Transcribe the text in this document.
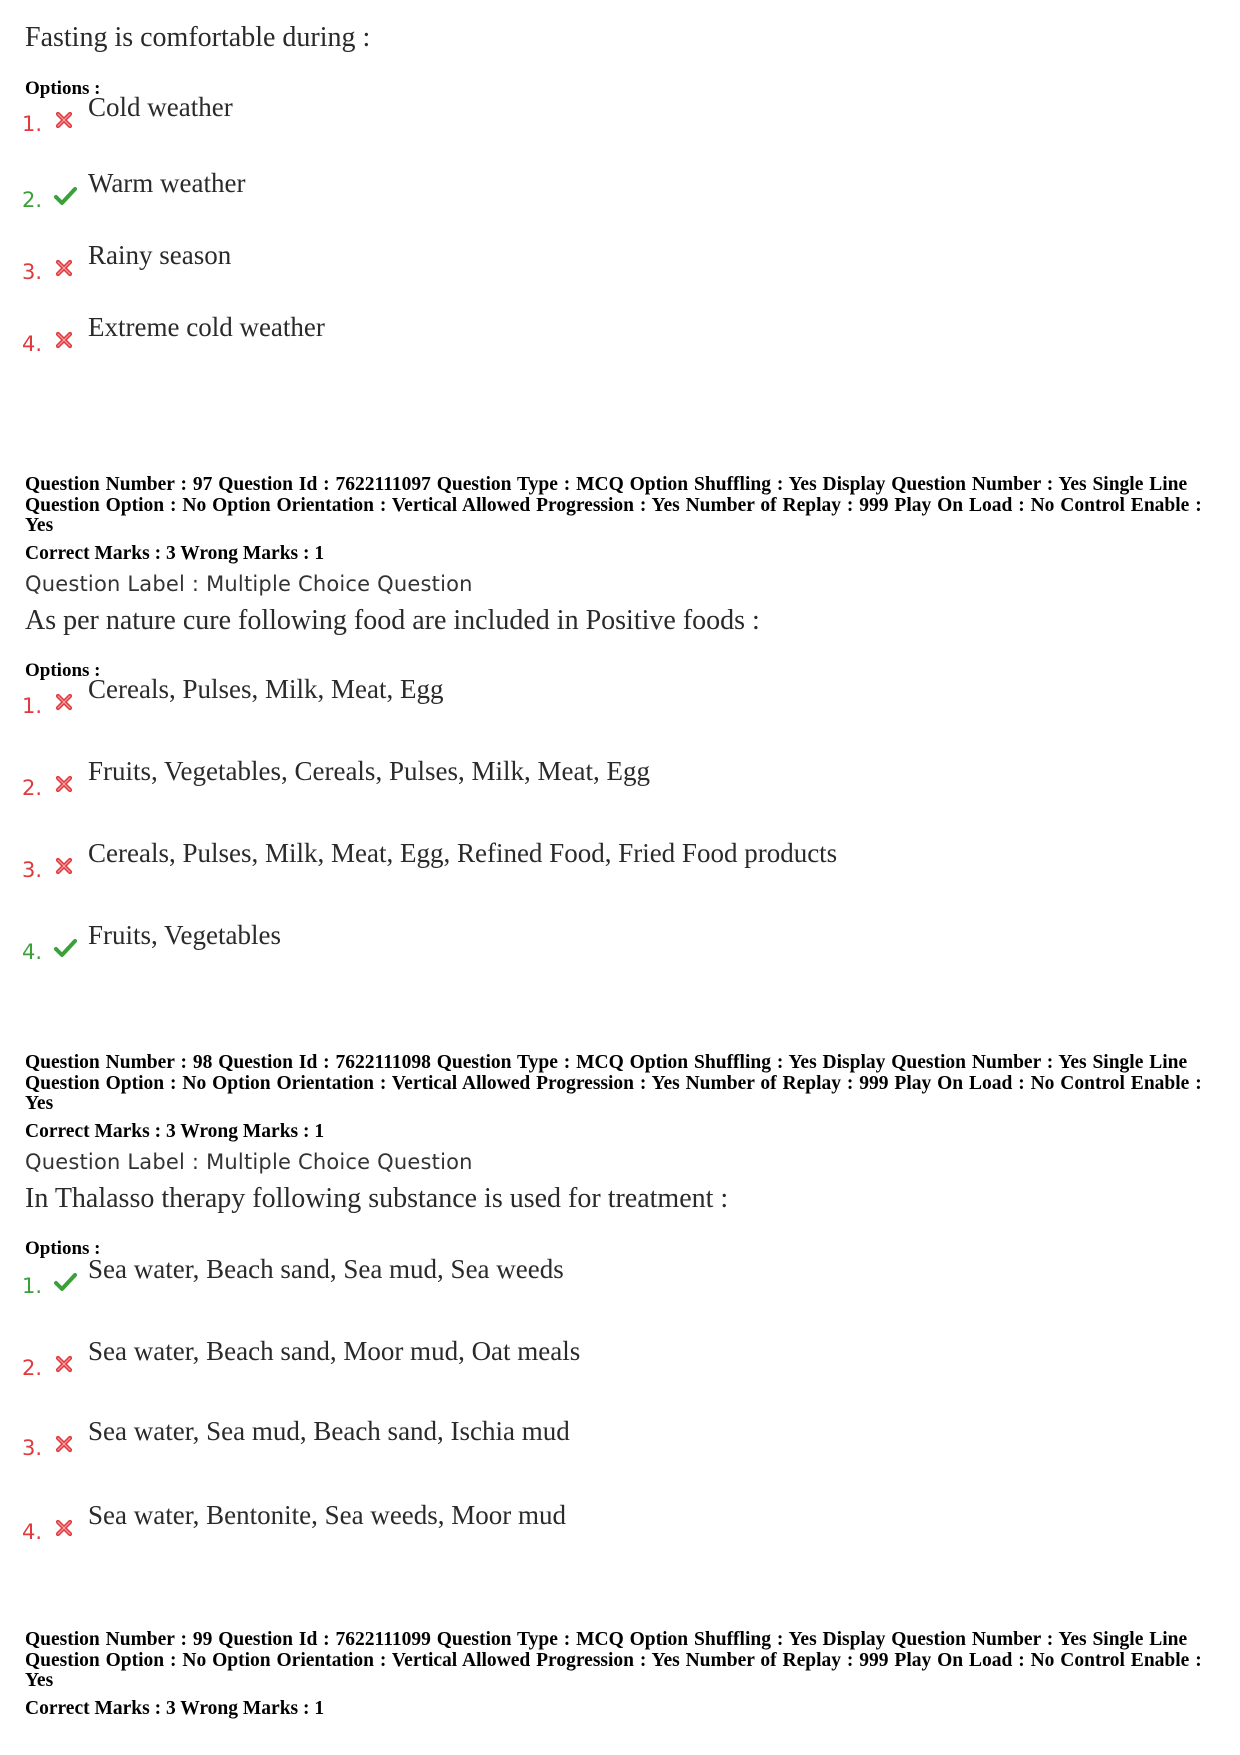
Fasting is comfortable during :
Options :
1.
Cold weather
2.
Warm weather
3.
Rainy season
4.
Extreme cold weather
Question Number : 97 Question Id : 7622111097 Question Type : MCQ Option Shuffling : Yes Display Question Number : Yes Single Line Question Option : No Option Orientation : Vertical Allowed Progression : Yes Number of Replay : 999 Play On Load : No Control Enable : Yes
Correct Marks : 3 Wrong Marks : 1
Question Label : Multiple Choice Question
As per nature cure following food are included in Positive foods :
Options :
1.
Cereals, Pulses, Milk, Meat, Egg
2.
Fruits, Vegetables, Cereals, Pulses, Milk, Meat, Egg
3.
Cereals, Pulses, Milk, Meat, Egg, Refined Food, Fried Food products
4.
Fruits, Vegetables
Question Number : 98 Question Id : 7622111098 Question Type : MCQ Option Shuffling : Yes Display Question Number : Yes Single Line Question Option : No Option Orientation : Vertical Allowed Progression : Yes Number of Replay : 999 Play On Load : No Control Enable : Yes
Correct Marks : 3 Wrong Marks : 1
Question Label : Multiple Choice Question
In Thalasso therapy following substance is used for treatment :
Options :
1.
Sea water, Beach sand, Sea mud, Sea weeds
2.
Sea water, Beach sand, Moor mud, Oat meals
3.
Sea water, Sea mud, Beach sand, Ischia mud
4.
Sea water, Bentonite, Sea weeds, Moor mud
Question Number : 99 Question Id : 7622111099 Question Type : MCQ Option Shuffling : Yes Display Question Number : Yes Single Line Question Option : No Option Orientation : Vertical Allowed Progression : Yes Number of Replay : 999 Play On Load : No Control Enable : Yes
Correct Marks : 3 Wrong Marks : 1
